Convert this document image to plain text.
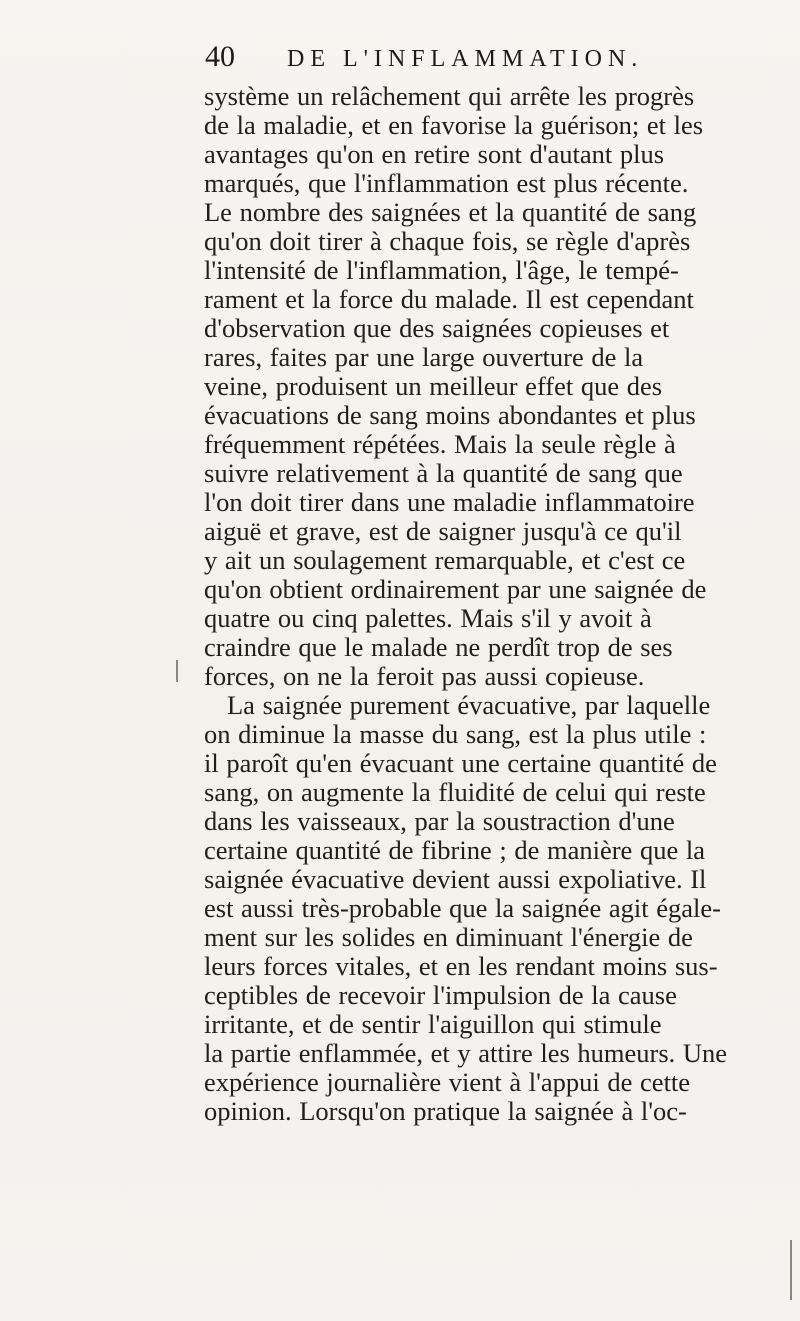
40 DE L'INFLAMMATION.
système un relâchement qui arrête les progrès
de la maladie, et en favorise la guérison; et les
avantages qu'on en retire sont d'autant plus
marqués, que l'inflammation est plus récente.
Le nombre des saignées et la quantité de sang
qu'on doit tirer à chaque fois, se règle d'après
l'intensité de l'inflammation, l'âge, le tempé-
rament et la force du malade. Il est cependant
d'observation que des saignées copieuses et
rares, faites par une large ouverture de la
veine, produisent un meilleur effet que des
évacuations de sang moins abondantes et plus
fréquemment répétées. Mais la seule règle à
suivre relativement à la quantité de sang que
l'on doit tirer dans une maladie inflammatoire
aiguë et grave, est de saigner jusqu'à ce qu'il
y ait un soulagement remarquable, et c'est ce
qu'on obtient ordinairement par une saignée de
quatre ou cinq palettes. Mais s'il y avoit à
craindre que le malade ne perdît trop de ses
forces, on ne la feroit pas aussi copieuse.
La saignée purement évacuative, par laquelle
on diminue la masse du sang, est la plus utile :
il paroît qu'en évacuant une certaine quantité de
sang, on augmente la fluidité de celui qui reste
dans les vaisseaux, par la soustraction d'une
certaine quantité de fibrine ; de manière que la
saignée évacuative devient aussi expoliative. Il
est aussi très-probable que la saignée agit égale-
ment sur les solides en diminuant l'énergie de
leurs forces vitales, et en les rendant moins sus-
ceptibles de recevoir l'impulsion de la cause
irritante, et de sentir l'aiguillon qui stimule
la partie enflammée, et y attire les humeurs. Une
expérience journalière vient à l'appui de cette
opinion. Lorsqu'on pratique la saignée à l'oc-
